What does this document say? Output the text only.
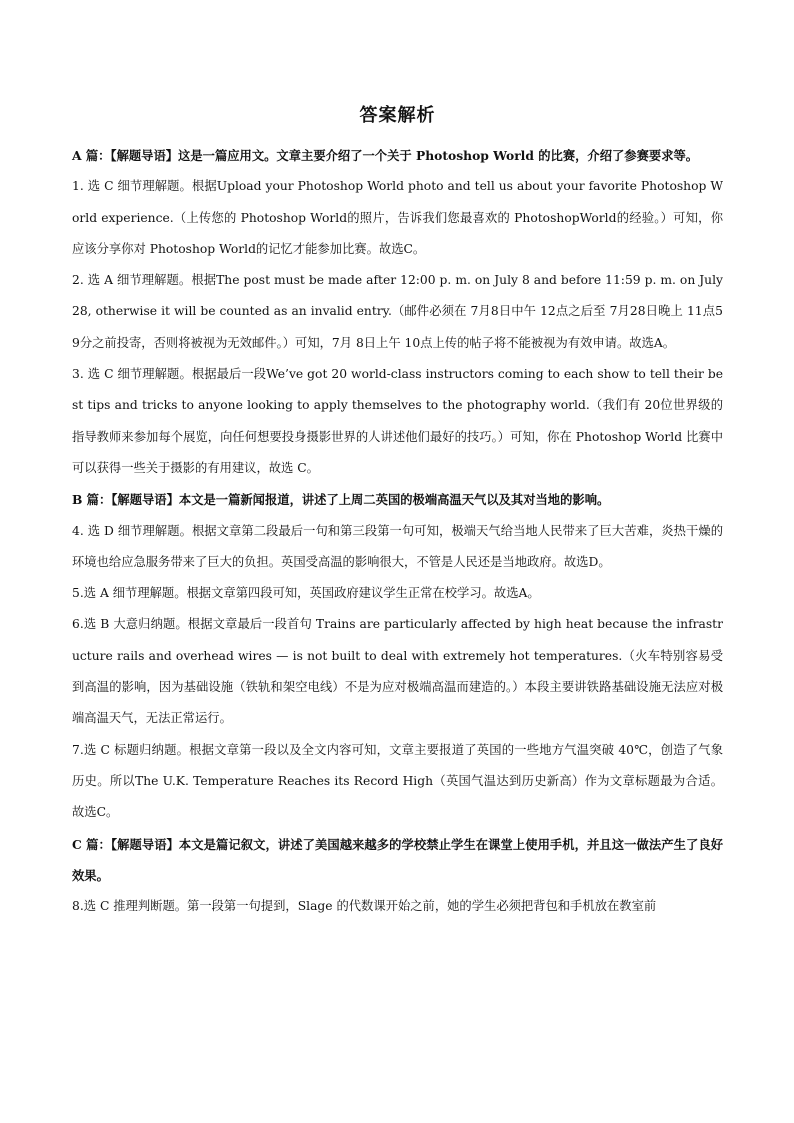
答案解析

A 篇：【解题导语】这是一篇应用文。文章主要介绍了一个关于 Photoshop World 的比赛，介绍了参赛要求等。

1. 选 C 细节理解题。根据Upload your Photoshop World photo and tell us about your favorite Photoshop World experience.（上传您的 Photoshop World的照片，告诉我们您最喜欢的 PhotoshopWorld的经验。）可知，你应该分享你对 Photoshop World的记忆才能参加比赛。故选C。

2. 选 A 细节理解题。根据The post must be made after 12:00 p. m. on July 8 and before 11:59 p. m. on July 28, otherwise it will be counted as an invalid entry.（邮件必须在 7月8日中午 12点之后至 7月28日晚上 11点59分之前投寄，否则将被视为无效邮件。）可知，7月 8日上午 10点上传的帖子将不能被视为有效申请。故选A。

3. 选 C 细节理解题。根据最后一段We’ve got 20 world-class instructors coming to each show to tell their best tips and tricks to anyone looking to apply themselves to the photography world.（我们有 20位世界级的指导教师来参加每个展览，向任何想要投身摄影世界的人讲述他们最好的技巧。）可知，你在 Photoshop World 比赛中可以获得一些关于摄影的有用建议，故选 C。

B 篇：【解题导语】本文是一篇新闻报道，讲述了上周二英国的极端高温天气以及其对当地的影响。

4. 选 D 细节理解题。根据文章第二段最后一句和第三段第一句可知，极端天气给当地人民带来了巨大苦难，炎热干燥的环境也给应急服务带来了巨大的负担。英国受高温的影响很大，不管是人民还是当地政府。故选D。

5.选 A 细节理解题。根据文章第四段可知，英国政府建议学生正常在校学习。故选A。

6.选 B 大意归纳题。根据文章最后一段首句 Trains are particularly affected by high heat because the infrastructure rails and overhead wires — is not built to deal with extremely hot temperatures.（火车特别容易受到高温的影响，因为基础设施（铁轨和架空电线）不是为应对极端高温而建造的。）本段主要讲铁路基础设施无法应对极端高温天气，无法正常运行。

7.选 C 标题归纳题。根据文章第一段以及全文内容可知，文章主要报道了英国的一些地方气温突破 40℃，创造了气象历史。所以The U.K. Temperature Reaches its Record High（英国气温达到历史新高）作为文章标题最为合适。故选C。

C 篇：【解题导语】本文是篇记叙文，讲述了美国越来越多的学校禁止学生在课堂上使用手机，并且这一做法产生了良好效果。

8.选 C 推理判断题。第一段第一句提到，Slage 的代数课开始之前，她的学生必须把背包和手机放在教室前
